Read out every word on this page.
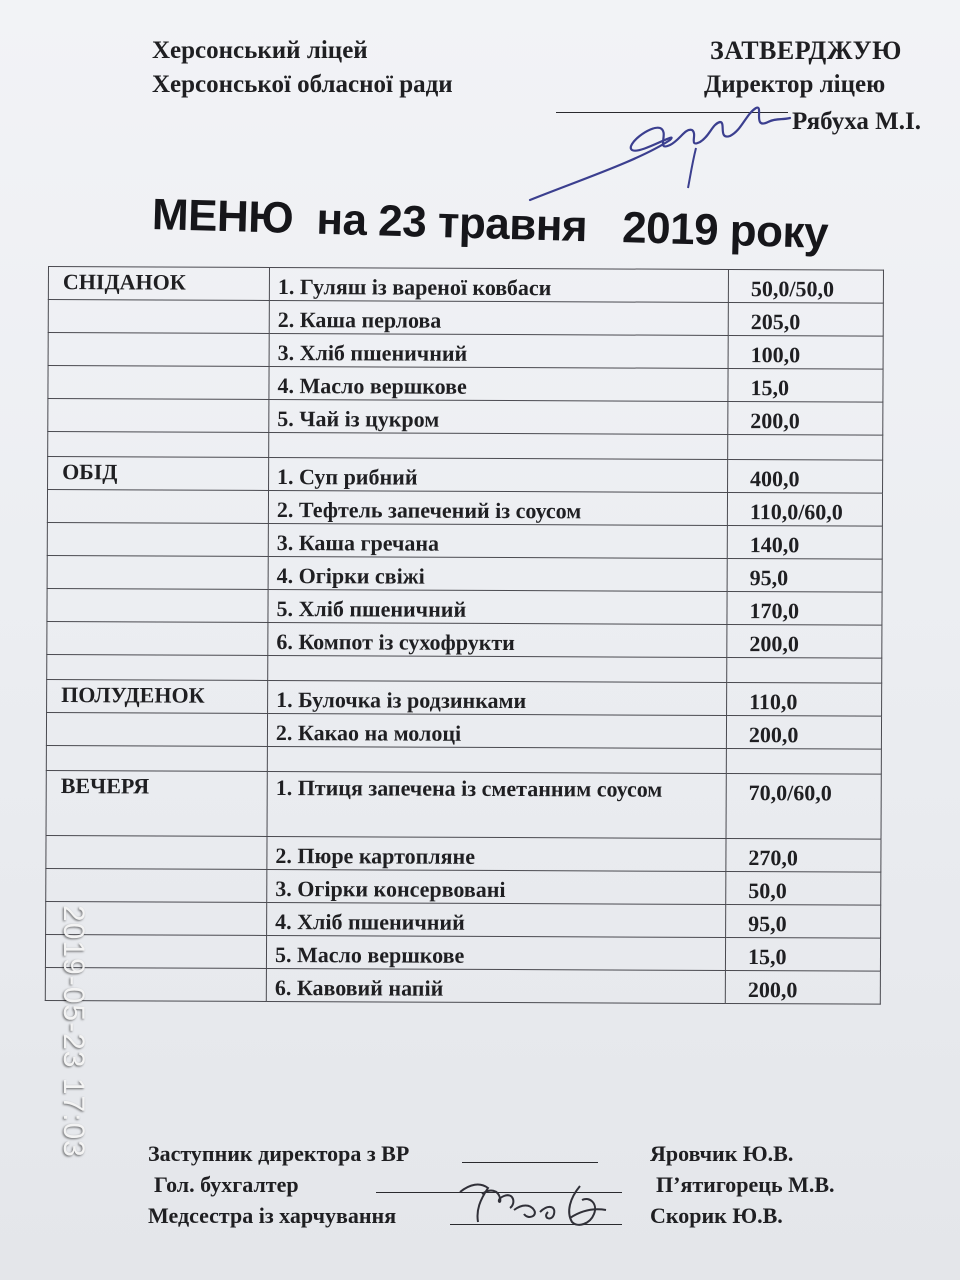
Херсонський ліцей
Херсонської обласної ради
ЗАТВЕРДЖУЮ
Директор ліцею
Рябуха М.І.
МЕНЮ  на 23 травня   2019 року
СНІДАНОК	1. Гуляш із вареної ковбаси	50,0/50,0
	2. Каша перлова	205,0
	3. Хліб пшеничний	100,0
	4. Масло вершкове	15,0
	5. Чай із цукром	200,0

ОБІД	1. Суп рибний	400,0
	2. Тефтель запечений із соусом	110,0/60,0
	3. Каша гречана	140,0
	4. Огірки свіжі	95,0
	5. Хліб пшеничний	170,0
	6. Компот із сухофрукти	200,0

ПОЛУДЕНОК	1. Булочка із родзинками	110,0
	2. Какао на молоці	200,0

ВЕЧЕРЯ	1. Птиця запечена із сметанним соусом	70,0/60,0
	2. Пюре картопляне	270,0
	3. Огірки консервовані	50,0
	4. Хліб пшеничний	95,0
	5. Масло вершкове	15,0
	6. Кавовий напій	200,0
Заступник директора з ВР
Гол. бухгалтер
Медсестра із харчування
Яровчик Ю.В.
П’ятигорець М.В.
Скорик Ю.В.
2019-05-23 17:03
